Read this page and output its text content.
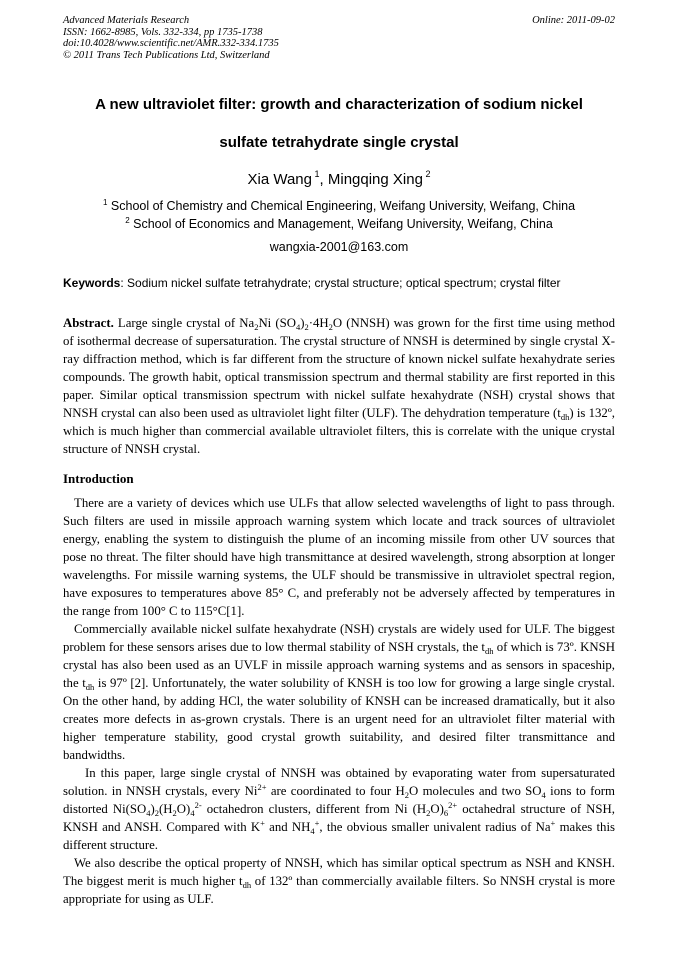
Advanced Materials Research
ISSN: 1662-8985, Vols. 332-334, pp 1735-1738
doi:10.4028/www.scientific.net/AMR.332-334.1735
© 2011 Trans Tech Publications Ltd, Switzerland
Online: 2011-09-02
A new ultraviolet filter: growth and characterization of sodium nickel
sulfate tetrahydrate single crystal
Xia Wang $^1$, Mingqing Xing $^2$
$^1$ School of Chemistry and Chemical Engineering, Weifang University, Weifang, China
$^2$ School of Economics and Management, Weifang University, Weifang, China
wangxia-2001@163.com
Keywords: Sodium nickel sulfate tetrahydrate; crystal structure; optical spectrum; crystal filter
Abstract. Large single crystal of $Na_2Ni$ $(SO_4)_2\cdot 4H_2O$ (NNSH) was grown for the first time using method of isothermal decrease of supersaturation. The crystal structure of NNSH is determined by single crystal X-ray diffraction method, which is far different from the structure of known nickel sulfate hexahydrate series compounds. The growth habit, optical transmission spectrum and thermal stability are first reported in this paper. Similar optical transmission spectrum with nickel sulfate hexahydrate (NSH) crystal shows that NNSH crystal can also been used as ultraviolet light filter (ULF). The dehydration temperature $(t_{dh})$ is 132º, which is much higher than commercial available ultraviolet filters, this is correlate with the unique crystal structure of NNSH crystal.
Introduction

There are a variety of devices which use ULFs that allow selected wavelengths of light to pass through. Such filters are used in missile approach warning system which locate and track sources of ultraviolet energy, enabling the system to distinguish the plume of an incoming missile from other UV sources that pose no threat. The filter should have high transmittance at desired wavelength, strong absorption at longer wavelengths. For missile warning systems, the ULF should be transmissive in ultraviolet spectral region, have exposures to temperatures above 85° C, and preferably not be adversely affected by temperatures in the range from 100° C to 115°C[1].

Commercially available nickel sulfate hexahydrate (NSH) crystals are widely used for ULF. The biggest problem for these sensors arises due to low thermal stability of NSH crystals, the $t_{dh}$ of which is 73º. KNSH crystal has also been used as an UVLF in missile approach warning systems and as sensors in spaceship, the $t_{dh}$ is 97º [2]. Unfortunately, the water solubility of KNSH is too low for growing a large single crystal. On the other hand, by adding HCl, the water solubility of KNSH can be increased dramatically, but it also creates more defects in as-grown crystals. There is an urgent need for an ultraviolet filter material with higher temperature stability, good crystal growth suitability, and desired filter transmittance and bandwidths.

In this paper, large single crystal of NNSH was obtained by evaporating water from supersaturated solution. in NNSH crystals, every $Ni^{2+}$ are coordinated to four $H_2O$ molecules and two $SO_4$ ions to form distorted $Ni(SO_4)_2(H_2O)_4^{2-}$ octahedron clusters, different from Ni $(H_2O)_6^{2+}$ octahedral structure of NSH, KNSH and ANSH. Compared with K+ and $NH_4^+$, the obvious smaller univalent radius of Na+ makes this different structure.

We also describe the optical property of NNSH, which has similar optical spectrum as NSH and KNSH. The biggest merit is much higher $t_{dh}$ of 132º than commercially available filters. So NNSH crystal is more appropriate for using as ULF.
